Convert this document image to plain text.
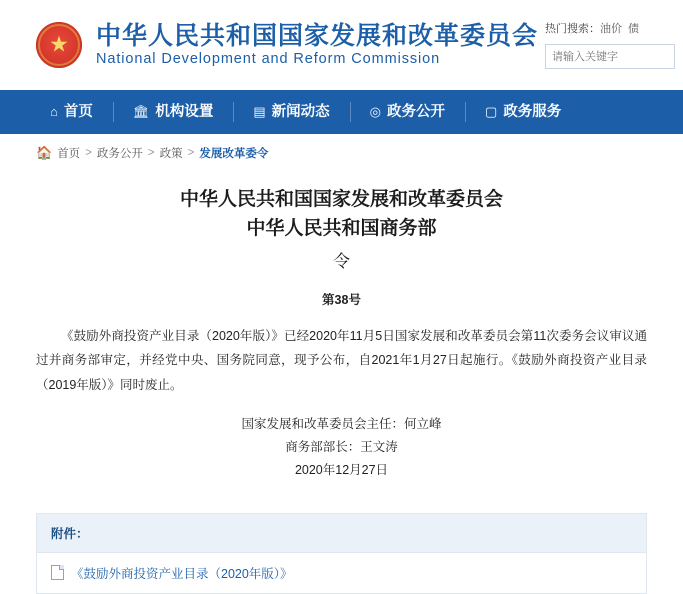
★ 中华人民共和国国家发展和改革委员会
National Development and Reform Commission
热门搜索：油价 债
请输入关键字
⌂ 首页	🏛 机构设置	▤ 新闻动态	◎ 政务公开	▢ 政务服务
🏠 首页 > 政务公开 > 政策 > 发展改革委令
中华人民共和国国家发展和改革委员会
中华人民共和国商务部
令
第38号
《鼓励外商投资产业目录（2020年版）》已经2020年11月5日国家发展和改革委员会第11次委务会议审议通过并商务部审定，并经党中央、国务院同意，现予公布，自2021年1月27日起施行。《鼓励外商投资产业目录（2019年版）》同时废止。
国家发展和改革委员会主任：何立峰
商务部部长：王文涛
2020年12月27日
附件：
《鼓励外商投资产业目录（2020年版）》
